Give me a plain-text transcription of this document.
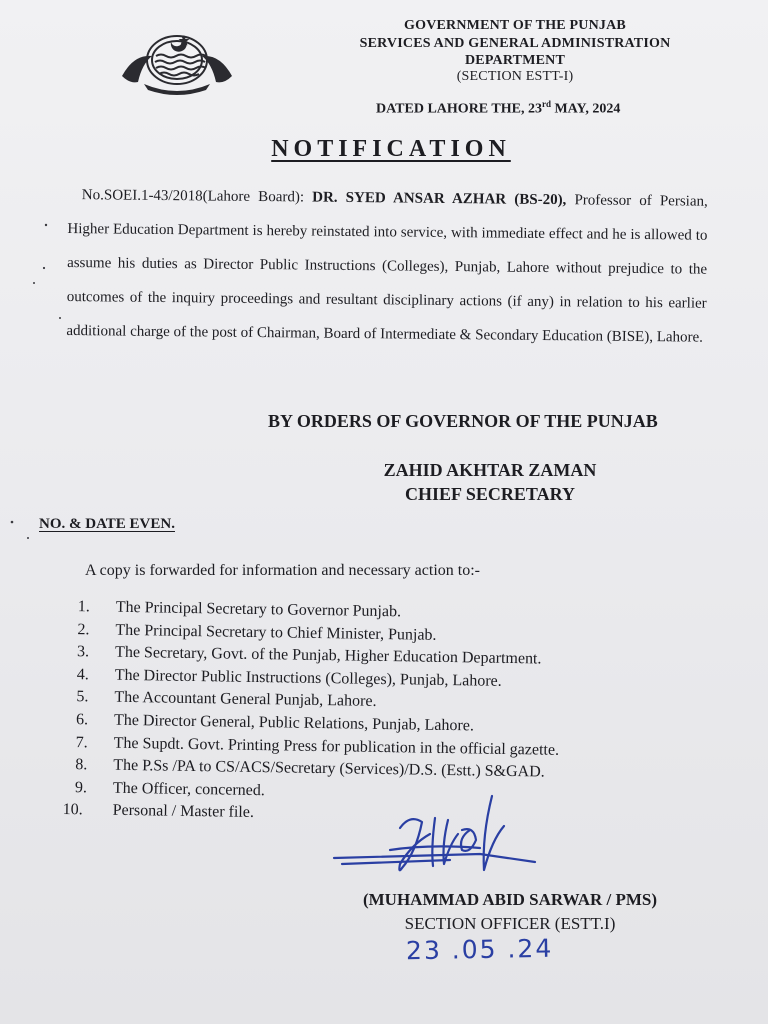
GOVERNMENT OF THE PUNJAB
SERVICES AND GENERAL ADMINISTRATION
DEPARTMENT
(SECTION ESTT-I)
DATED LAHORE THE, 23rd MAY, 2024
NOTIFICATION
No.SOEI.1-43/2018(Lahore Board): DR. SYED ANSAR AZHAR (BS-20), Professor of Persian, Higher Education Department is hereby reinstated into service, with immediate effect and he is allowed to assume his duties as Director Public Instructions (Colleges), Punjab, Lahore without prejudice to the outcomes of the inquiry proceedings and resultant disciplinary actions (if any) in relation to his earlier additional charge of the post of Chairman, Board of Intermediate & Secondary Education (BISE), Lahore.
BY ORDERS OF GOVERNOR OF THE PUNJAB
ZAHID AKHTAR ZAMAN
CHIEF SECRETARY
NO. & DATE EVEN.
A copy is forwarded for information and necessary action to:-
1. The Principal Secretary to Governor Punjab.
2. The Principal Secretary to Chief Minister, Punjab.
3. The Secretary, Govt. of the Punjab, Higher Education Department.
4. The Director Public Instructions (Colleges), Punjab, Lahore.
5. The Accountant General Punjab, Lahore.
6. The Director General, Public Relations, Punjab, Lahore.
7. The Supdt. Govt. Printing Press for publication in the official gazette.
8. The P.Ss /PA to CS/ACS/Secretary (Services)/D.S. (Estt.) S&GAD.
9. The Officer, concerned.
10. Personal / Master file.
(MUHAMMAD ABID SARWAR / PMS)
SECTION OFFICER (ESTT.I)
23 .05 .24
